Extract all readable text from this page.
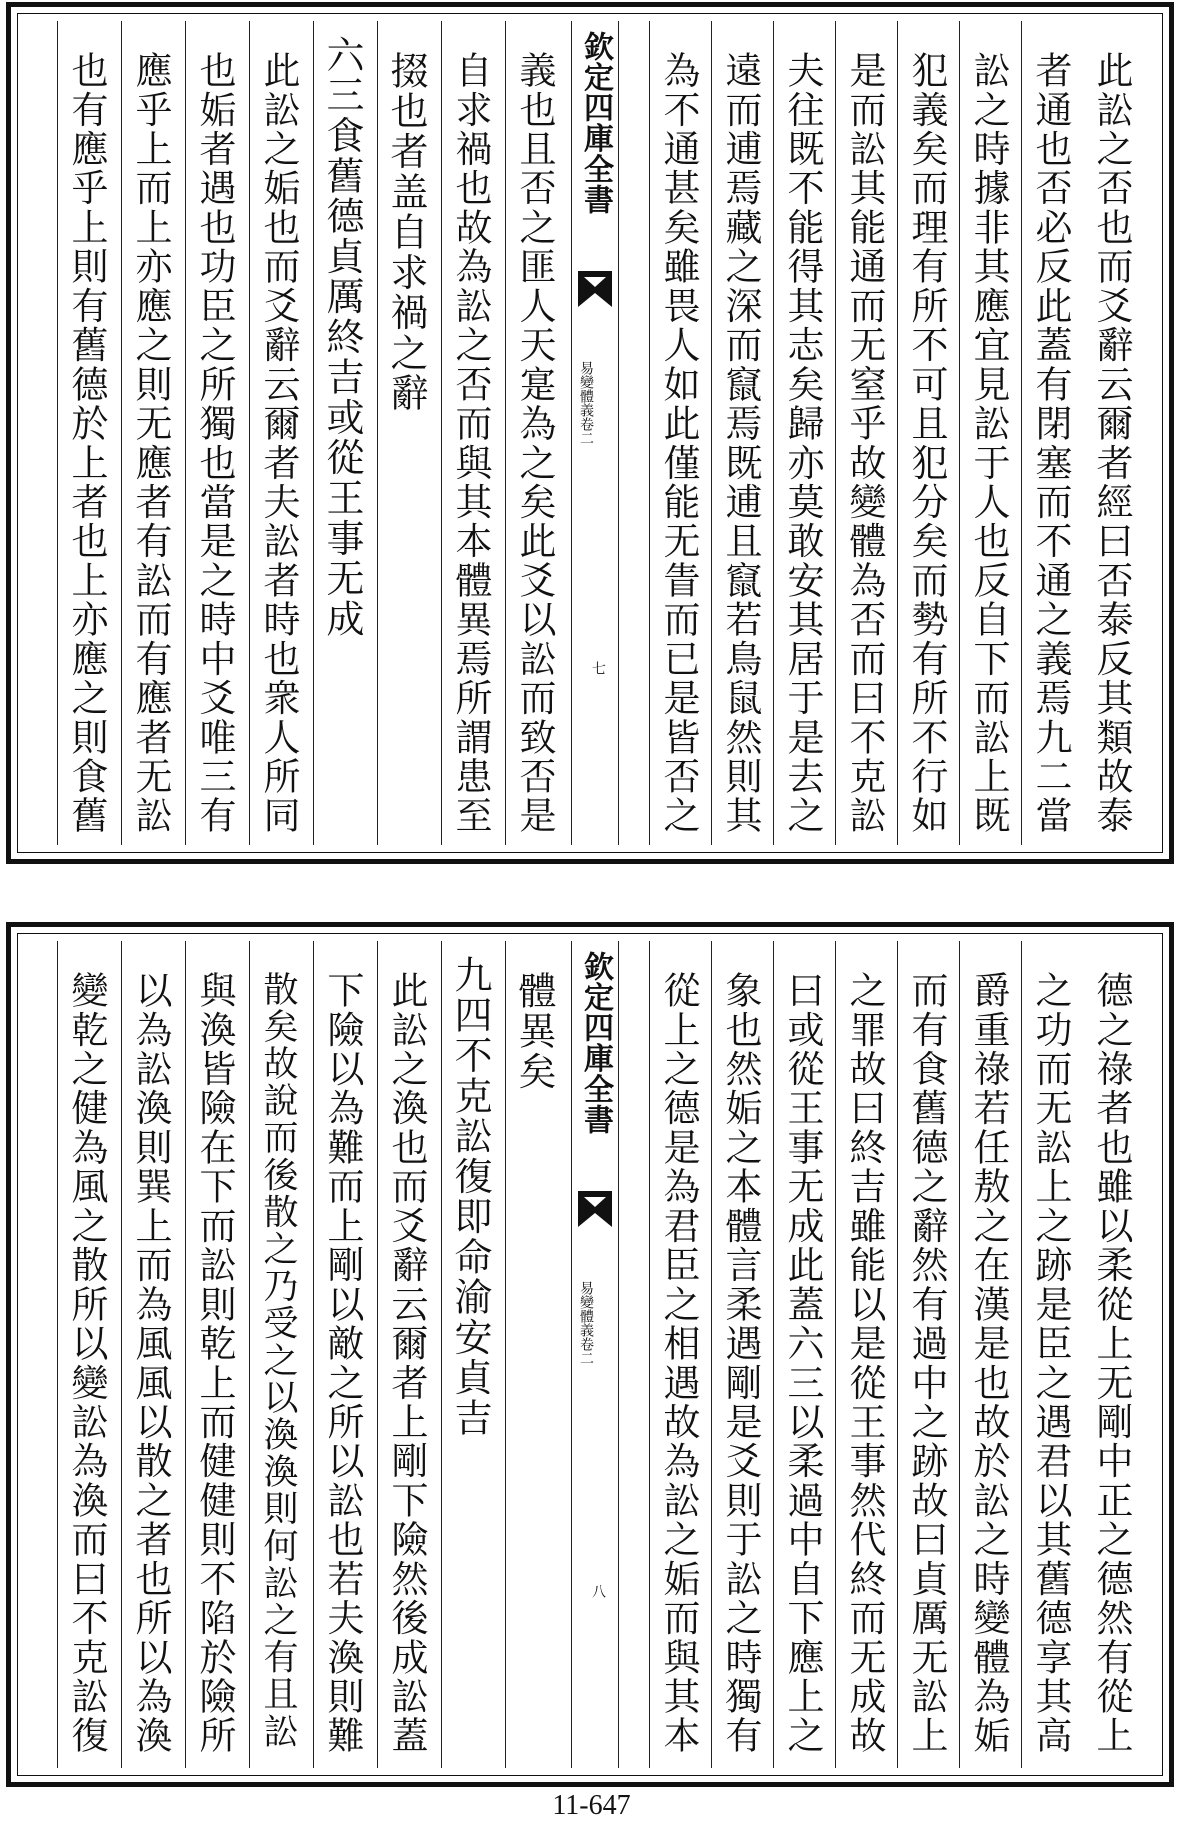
此訟之否也而爻辭云爾者經曰否泰反其類故泰
者通也否必反此蓋有閉塞而不通之義焉九二當
訟之時據非其應宜見訟于人也反自下而訟上既
犯義矣而理有所不可且犯分矣而勢有所不行如
是而訟其能通而无窒乎故變體為否而曰不克訟
夫往既不能得其志矣歸亦莫敢安其居于是去之
遠而逋焉藏之深而竄焉既逋且竄若鳥鼠然則其
為不通甚矣雖畏人如此僅能无眚而已是皆否之
欽定四庫全書
易變體義卷二
七
義也且否之匪人天寔為之矣此爻以訟而致否是
自求禍也故為訟之否而與其本體異焉所謂患至
掇也者盖自求禍之辭
六三食舊德貞厲終吉或從王事无成
此訟之姤也而爻辭云爾者夫訟者時也衆人所同
也姤者遇也功臣之所獨也當是之時中爻唯三有
應乎上而上亦應之則无應者有訟而有應者无訟
也有應乎上則有舊德於上者也上亦應之則食舊
德之祿者也雖以柔從上无剛中正之德然有從上
之功而无訟上之跡是臣之遇君以其舊德享其高
爵重祿若任敖之在漢是也故於訟之時變體為姤
而有食舊德之辭然有過中之跡故曰貞厲无訟上
之罪故曰終吉雖能以是從王事然代終而无成故
曰或從王事无成此蓋六三以柔過中自下應上之
象也然姤之本體言柔遇剛是爻則于訟之時獨有
從上之德是為君臣之相遇故為訟之姤而與其本
欽定四庫全書
易變體義卷二
八
體異矣
九四不克訟復即命渝安貞吉
此訟之渙也而爻辭云爾者上剛下險然後成訟蓋
下險以為難而上剛以敵之所以訟也若夫渙則難
散矣故說而後散之乃受之以渙渙則何訟之有且訟
與渙皆險在下而訟則乾上而健健則不陷於險所
以為訟渙則巽上而為風風以散之者也所以為渙
變乾之健為風之散所以變訟為渙而曰不克訟復
11-647
